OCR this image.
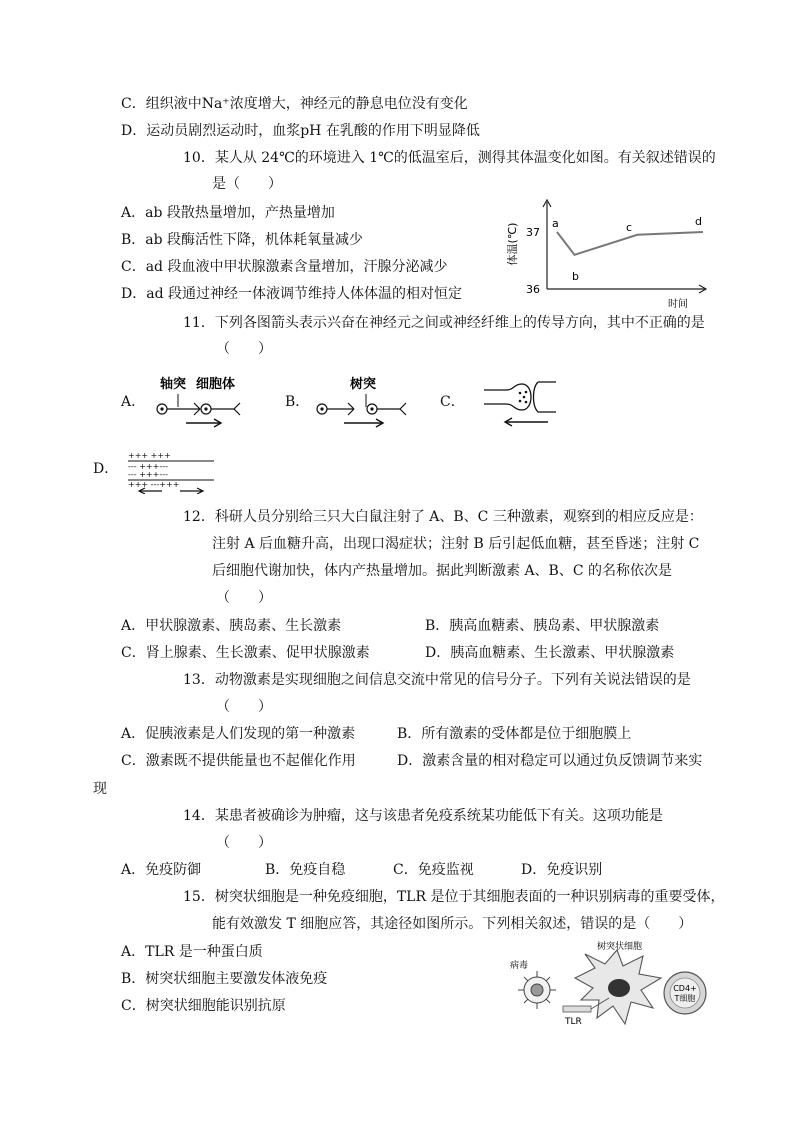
C．组织液中Na⁺浓度增大，神经元的静息电位没有变化
D．运动员剧烈运动时，血浆pH 在乳酸的作用下明显降低
10．某人从 24℃的环境进入 1℃的低温室后，测得其体温变化如图。有关叙述错误的
是（　　）
A．ab 段散热量增加，产热量增加
B．ab 段酶活性下降，机体耗氧量减少
C．ad 段血液中甲状腺激素含量增加，汗腺分泌减少
D．ad 段通过神经一体液调节维持人体体温的相对恒定
体温(℃) 37
36
时间
a
b
c	d
11．下列各图箭头表示兴奋在神经元之间或神经纤维上的传导方向，其中不正确的是
（　　）
A．
轴突 细胞体
B．
树突
C．
D．
+++ +++
--- +++---
--- +++---
+++ ---+++
12．科研人员分别给三只大白鼠注射了 A、B、C 三种激素，观察到的相应反应是：
注射 A 后血糖升高，出现口渴症状；注射 B 后引起低血糖，甚至昏迷；注射 C
后细胞代谢加快，体内产热量增加。据此判断激素 A、B、C 的名称依次是
（　　）
A．甲状腺激素、胰岛素、生长激素	B．胰高血糖素、胰岛素、甲状腺激素
C．肾上腺素、生长激素、促甲状腺激素	D．胰高血糖素、生长激素、甲状腺激素
13．动物激素是实现细胞之间信息交流中常见的信号分子。下列有关说法错误的是
（　　）
A．促胰液素是人们发现的第一种激素	B．所有激素的受体都是位于细胞膜上
C．激素既不提供能量也不起催化作用	D．激素含量的相对稳定可以通过负反馈调节来实
现
14．某患者被确诊为肿瘤，这与该患者免疫系统某功能低下有关。这项功能是
（　　）
A．免疫防御	B．免疫自稳	C．免疫监视	D．免疫识别
15．树突状细胞是一种免疫细胞，TLR 是位于其细胞表面的一种识别病毒的重要受体，
能有效激发 T 细胞应答，其途径如图所示。下列相关叙述，错误的是（　　）
A．TLR 是一种蛋白质
B．树突状细胞主要激发体液免疫
C．树突状细胞能识别抗原
树突状细胞
病毒
TLR
CD4+
T细胞
